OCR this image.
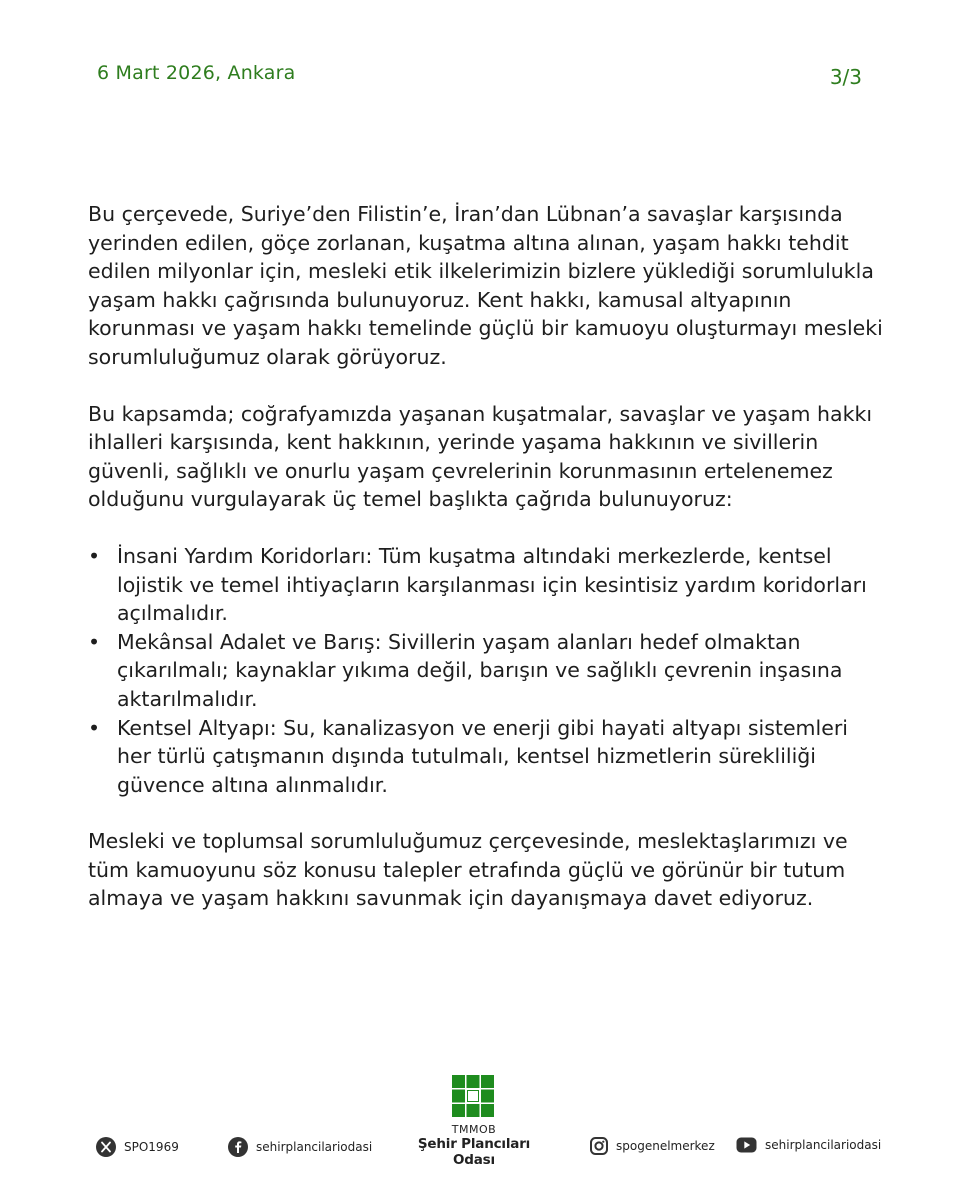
6 Mart 2026, Ankara	3/3

Bu çerçevede, Suriye’den Filistin’e, İran’dan Lübnan’a savaşlar karşısında yerinden edilen, göçe zorlanan, kuşatma altına alınan, yaşam hakkı tehdit edilen milyonlar için, mesleki etik ilkelerimizin bizlere yüklediği sorumlulukla yaşam hakkı çağrısında bulunuyoruz. Kent hakkı, kamusal altyapının korunması ve yaşam hakkı temelinde güçlü bir kamuoyu oluşturmayı mesleki sorumluluğumuz olarak görüyoruz.

Bu kapsamda; coğrafyamızda yaşanan kuşatmalar, savaşlar ve yaşam hakkı ihlalleri karşısında, kent hakkının, yerinde yaşama hakkının ve sivillerin güvenli, sağlıklı ve onurlu yaşam çevrelerinin korunmasının ertelenemez olduğunu vurgulayarak üç temel başlıkta çağrıda bulunuyoruz:

• İnsani Yardım Koridorları: Tüm kuşatma altındaki merkezlerde, kentsel lojistik ve temel ihtiyaçların karşılanması için kesintisiz yardım koridorları açılmalıdır.
• Mekânsal Adalet ve Barış: Sivillerin yaşam alanları hedef olmaktan çıkarılmalı; kaynaklar yıkıma değil, barışın ve sağlıklı çevrenin inşasına aktarılmalıdır.
• Kentsel Altyapı: Su, kanalizasyon ve enerji gibi hayati altyapı sistemleri her türlü çatışmanın dışında tutulmalı, kentsel hizmetlerin sürekliliği güvence altına alınmalıdır.

Mesleki ve toplumsal sorumluluğumuz çerçevesinde, meslektaşlarımızı ve tüm kamuoyunu söz konusu talepler etrafında güçlü ve görünür bir tutum almaya ve yaşam hakkını savunmak için dayanışmaya davet ediyoruz.

TMMOB
Şehir Plancıları Odası
SPO1969	sehirplancilariodasi	spogenelmerkez	sehirplancilariodasi
